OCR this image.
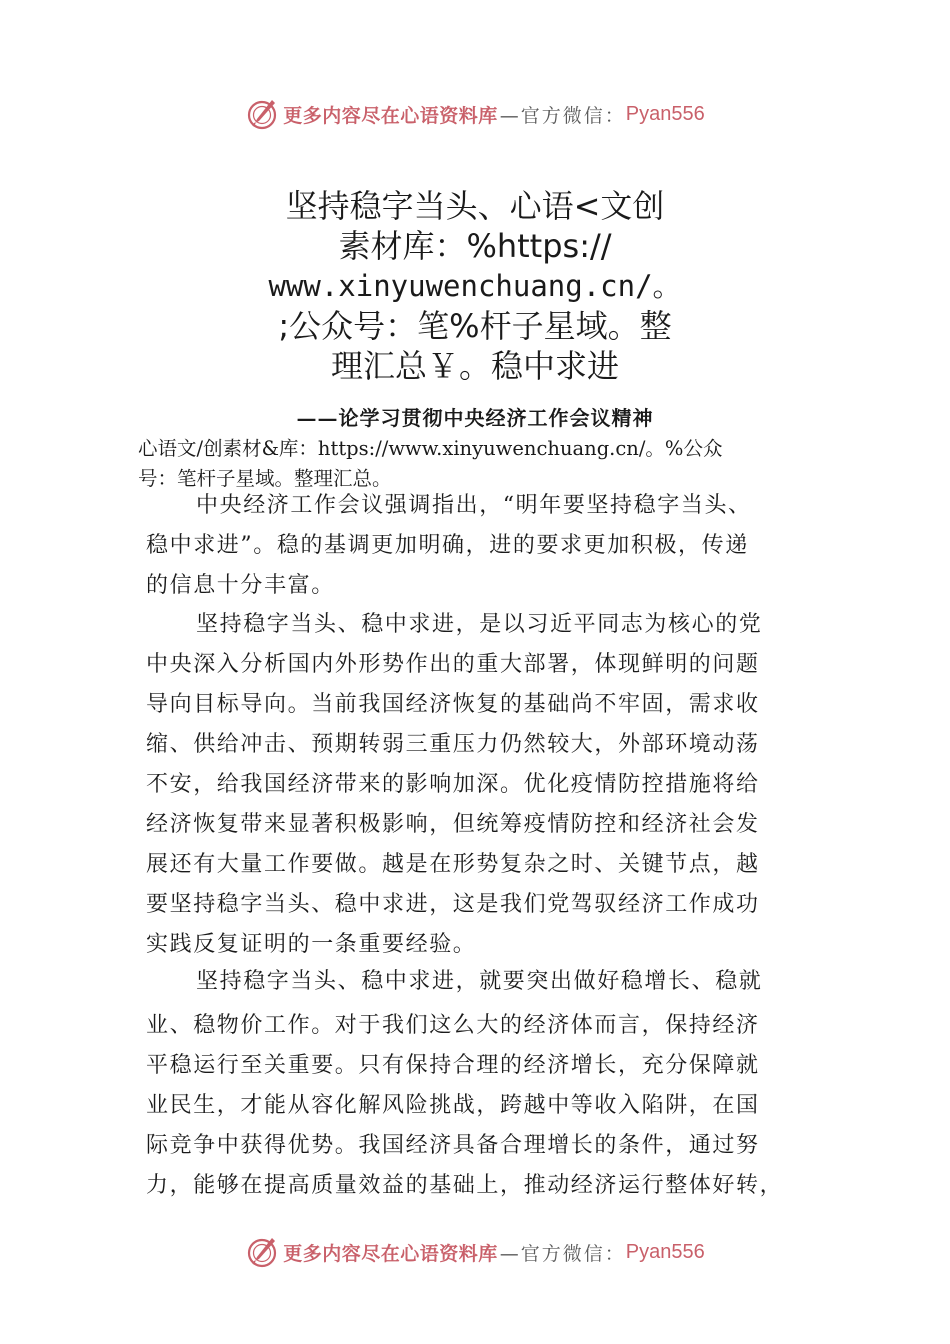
更多内容尽在心语资料库 —官方微信： Pyan556
坚持稳字当头、心语<文创
素材库：%https://
www.xinyuwenchuang.cn/。
;公众号：笔%杆子星域。整
理汇总￥。稳中求进
——论学习贯彻中央经济工作会议精神
心语文/创素材&库：https://www.xinyuwenchuang.cn/。%公众
号：笔杆子星域。整理汇总。
中央经济工作会议强调指出，“明年要坚持稳字当头、
稳中求进”。稳的基调更加明确，进的要求更加积极，传递
的信息十分丰富。
坚持稳字当头、稳中求进，是以习近平同志为核心的党
中央深入分析国内外形势作出的重大部署，体现鲜明的问题
导向目标导向。当前我国经济恢复的基础尚不牢固，需求收
缩、供给冲击、预期转弱三重压力仍然较大，外部环境动荡
不安，给我国经济带来的影响加深。优化疫情防控措施将给
经济恢复带来显著积极影响，但统筹疫情防控和经济社会发
展还有大量工作要做。越是在形势复杂之时、关键节点，越
要坚持稳字当头、稳中求进，这是我们党驾驭经济工作成功
实践反复证明的一条重要经验。
坚持稳字当头、稳中求进，就要突出做好稳增长、稳就
业、稳物价工作。对于我们这么大的经济体而言，保持经济
平稳运行至关重要。只有保持合理的经济增长，充分保障就
业民生，才能从容化解风险挑战，跨越中等收入陷阱，在国
际竞争中获得优势。我国经济具备合理增长的条件，通过努
力，能够在提高质量效益的基础上，推动经济运行整体好转，
更多内容尽在心语资料库 —官方微信： Pyan556
